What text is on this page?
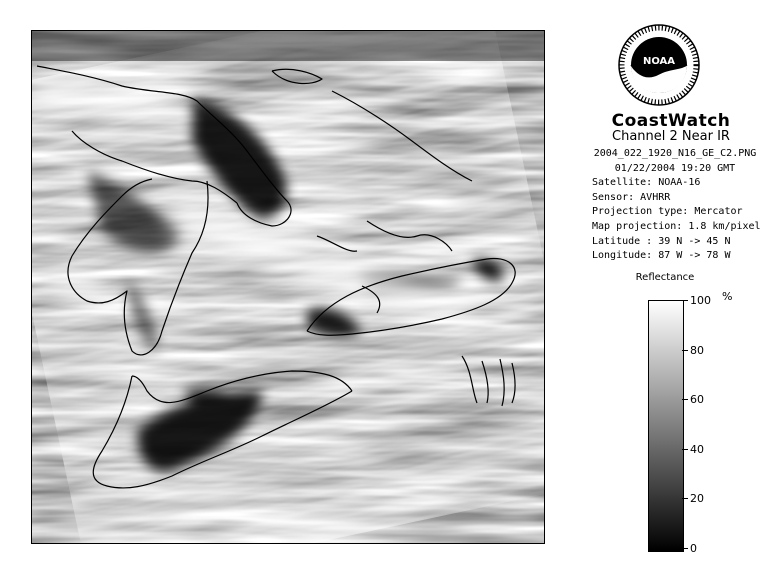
NOAA
CoastWatch
Channel 2 Near IR
2004_022_1920_N16_GE_C2.PNG
01/22/2004 19:20 GMT
Satellite: NOAA-16
Sensor: AVHRR
Projection type: Mercator
Map projection: 1.8 km/pixel
Latitude : 39 N -> 45 N
Longitude: 87 W -> 78 W
Reflectance
%
100
80
60
40
20
0
